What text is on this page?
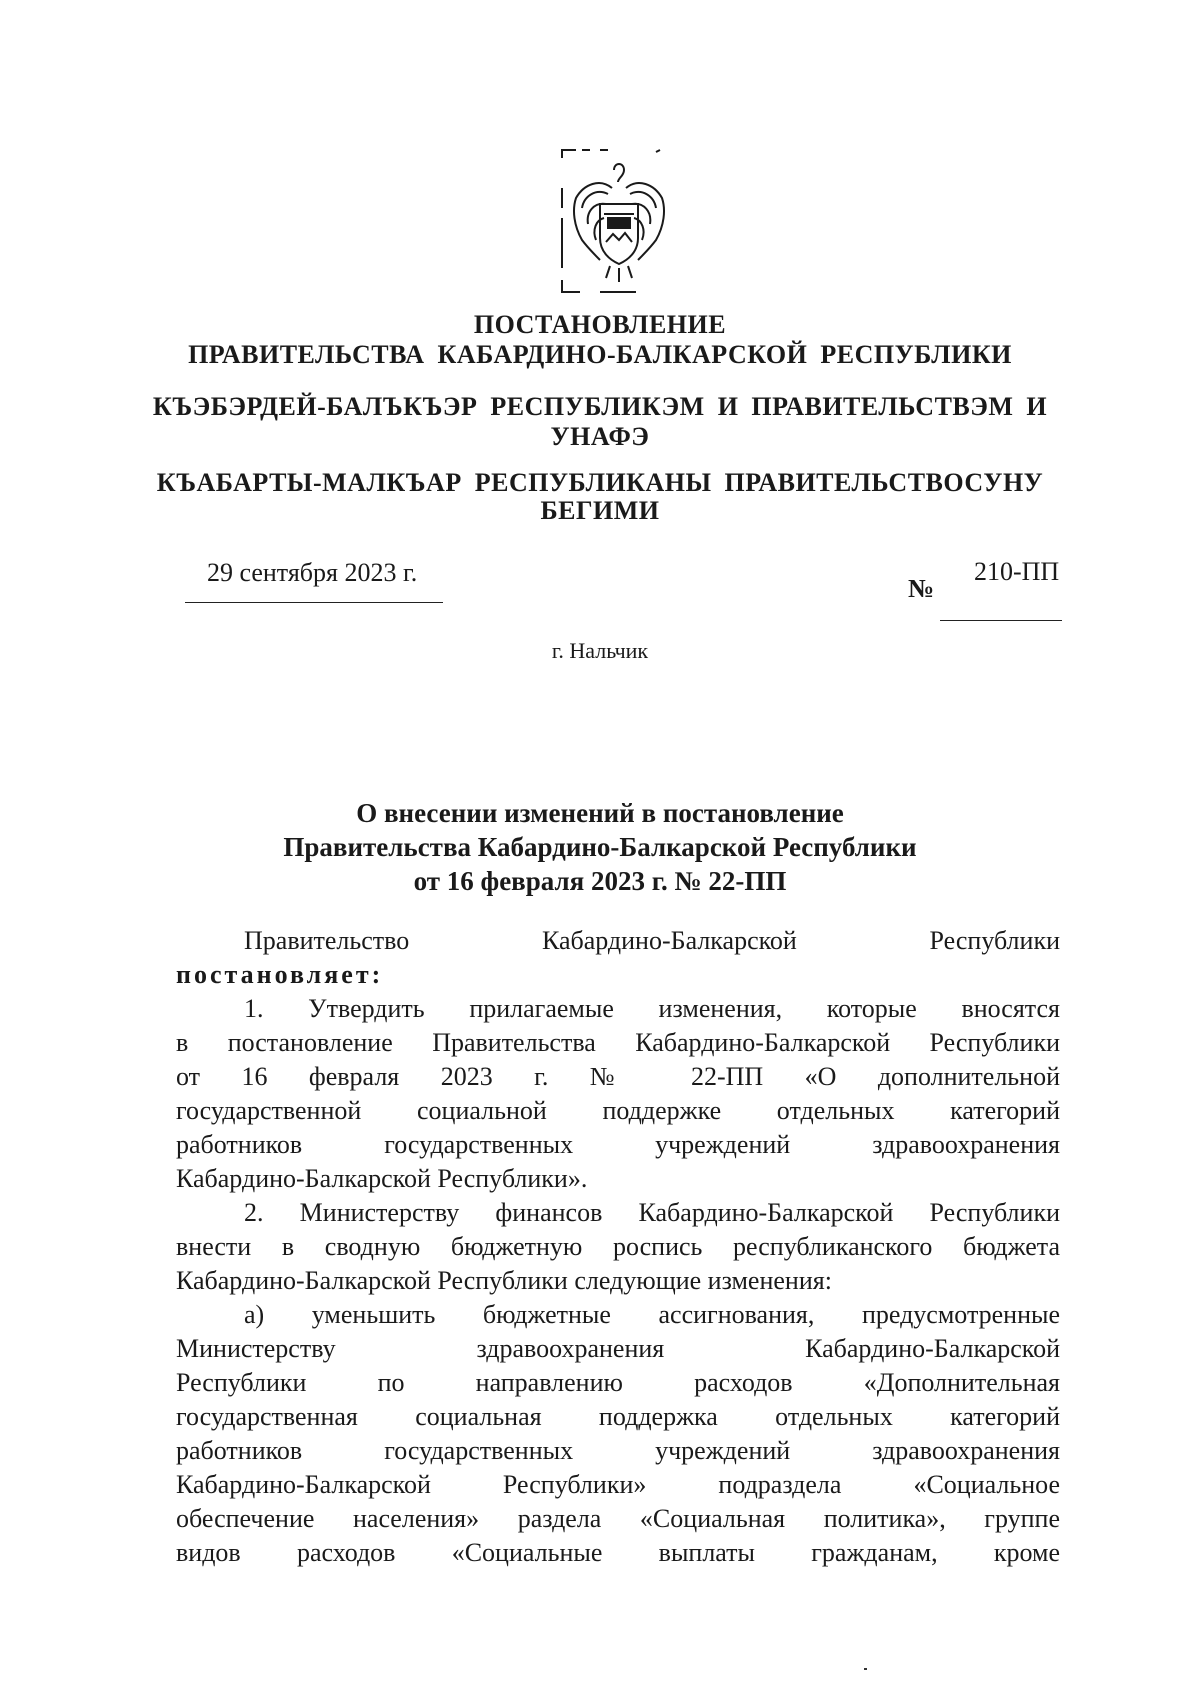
ПОСТАНОВЛЕНИЕ
ПРАВИТЕЛЬСТВА КАБАРДИНО-БАЛКАРСКОЙ РЕСПУБЛИКИ
КЪЭБЭРДЕЙ-БАЛЪКЪЭР РЕСПУБЛИКЭМ И ПРАВИТЕЛЬСТВЭМ И
УНАФЭ
КЪАБАРТЫ-МАЛКЪАР РЕСПУБЛИКАНЫ ПРАВИТЕЛЬСТВОСУНУ
БЕГИМИ
29 сентября 2023 г.
№
210-ПП
г. Нальчик
О внесении изменений в постановление
Правительства Кабардино-Балкарской Республики
от 16 февраля 2023 г. № 22-ПП
Правительство Кабардино-Балкарской Республики
постановляет:
1. Утвердить прилагаемые изменения, которые вносятся
в постановление Правительства Кабардино-Балкарской Республики
от 16 февраля 2023 г. № 22-ПП «О дополнительной
государственной социальной поддержке отдельных категорий
работников государственных учреждений здравоохранения
Кабардино-Балкарской Республики».
2. Министерству финансов Кабардино-Балкарской Республики
внести в сводную бюджетную роспись республиканского бюджета
Кабардино-Балкарской Республики следующие изменения:
а) уменьшить бюджетные ассигнования, предусмотренные
Министерству здравоохранения Кабардино-Балкарской
Республики по направлению расходов «Дополнительная
государственная социальная поддержка отдельных категорий
работников государственных учреждений здравоохранения
Кабардино-Балкарской Республики» подраздела «Социальное
обеспечение населения» раздела «Социальная политика», группе
видов расходов «Социальные выплаты гражданам, кроме
